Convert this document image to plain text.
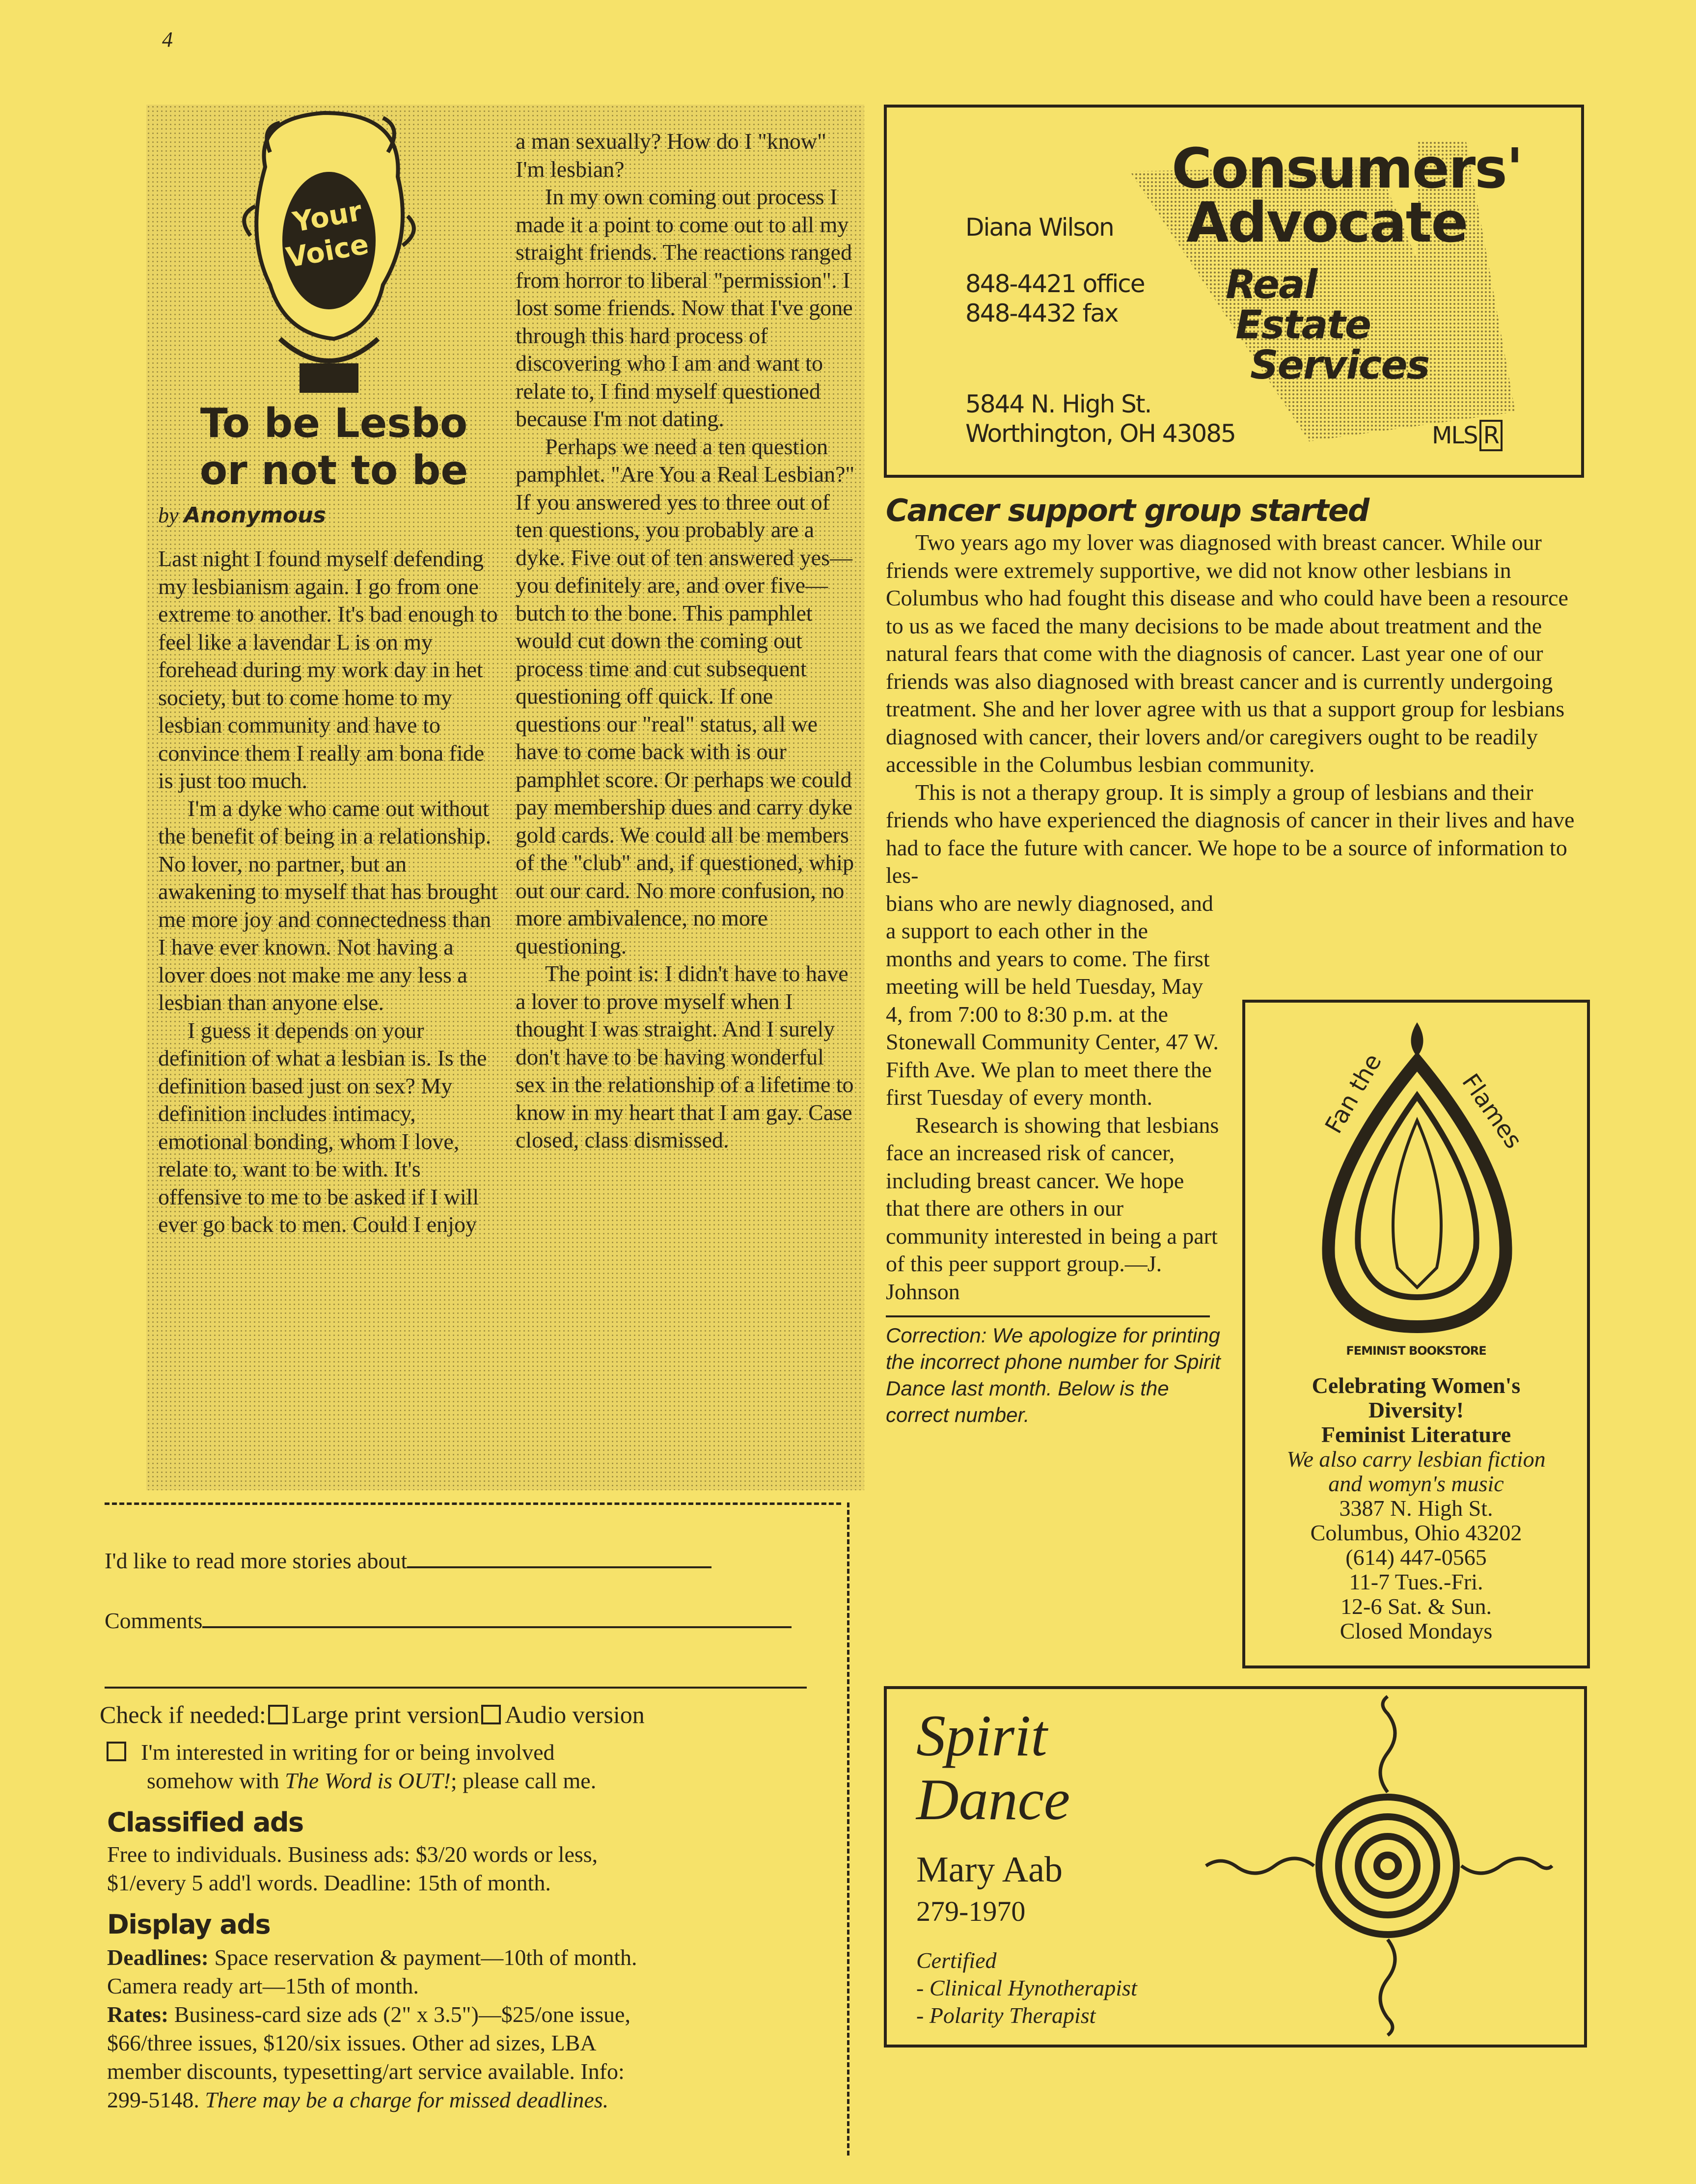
4
Your
Voice
To be Lesbo
or not to be
by Anonymous

Last night I found myself defending my lesbianism again. I go from one extreme to another. It's bad enough to feel like a lavendar L is on my forehead during my work day in het society, but to come home to my lesbian community and have to convince them I really am bona fide is just too much.

I'm a dyke who came out without the benefit of being in a relationship. No lover, no partner, but an awakening to myself that has brought me more joy and connectedness than I have ever known. Not having a lover does not make me any less a lesbian than anyone else.

I guess it depends on your definition of what a lesbian is. Is the definition based just on sex? My definition includes intimacy, emotional bonding, whom I love, relate to, want to be with. It's offensive to me to be asked if I will ever go back to men. Could I enjoy

a man sexually? How do I "know" I'm lesbian?

In my own coming out process I made it a point to come out to all my straight friends. The reactions ranged from horror to liberal "permission". I lost some friends. Now that I've gone through this hard process of discovering who I am and want to relate to, I find myself questioned because I'm not dating.

Perhaps we need a ten question pamphlet. "Are You a Real Lesbian?" If you answered yes to three out of ten questions, you probably are a dyke. Five out of ten answered yes—you definitely are, and over five—butch to the bone. This pamphlet would cut down the coming out process time and cut subsequent questioning off quick. If one questions our "real" status, all we have to come back with is our pamphlet score. Or perhaps we could pay membership dues and carry dyke gold cards. We could all be members of the "club" and, if questioned, whip out our card. No more confusion, no more ambivalence, no more questioning.

The point is: I didn't have to have a lover to prove myself when I thought I was straight. And I surely don't have to be having wonderful sex in the relationship of a lifetime to know in my heart that I am gay. Case closed, class dismissed.

Diana Wilson
848-4421 office
848-4432 fax
5844 N. High St.
Worthington, OH 43085
Consumers'
Advocate
Real
Estate
Services
MLS R
Cancer support group started

Two years ago my lover was diagnosed with breast cancer. While our friends were extremely supportive, we did not know other lesbians in Columbus who had fought this disease and who could have been a resource to us as we faced the many decisions to be made about treatment and the natural fears that come with the diagnosis of cancer. Last year one of our friends was also diagnosed with breast cancer and is currently undergoing treatment. She and her lover agree with us that a support group for lesbians diagnosed with cancer, their lovers and/or caregivers ought to be readily accessible in the Columbus lesbian community.

This is not a therapy group. It is simply a group of lesbians and their friends who have experienced the diagnosis of cancer in their lives and have had to face the future with cancer. We hope to be a source of information to les-

bians who are newly diagnosed, and a support to each other in the months and years to come. The first meeting will be held Tuesday, May 4, from 7:00 to 8:30 p.m. at the Stonewall Community Center, 47 W. Fifth Ave. We plan to meet there the first Tuesday of every month.

Research is showing that lesbians face an increased risk of cancer, including breast cancer. We hope that there are others in our community interested in being a part of this peer support group.—J. Johnson

Correction: We apologize for printing the incorrect phone number for Spirit Dance last month. Below is the correct number.
Fan the	Flames
FEMINIST BOOKSTORE
Celebrating Women's
Diversity!
Feminist Literature
We also carry lesbian fiction
and womyn's music
3387 N. High St.
Columbus, Ohio 43202
(614) 447-0565
11-7 Tues.-Fri.
12-6 Sat. & Sun.
Closed Mondays
Spirit
Dance
Mary Aab
279-1970
Certified
- Clinical Hynotherapist
- Polarity Therapist
I'd like to read more stories about
Comments
Check if needed: Large print version Audio version
I'm interested in writing for or being involved
somehow with The Word is OUT!; please call me.
Classified ads
Free to individuals. Business ads: $3/20 words or less,
$1/every 5 add'l words. Deadline: 15th of month.
Display ads
Deadlines: Space reservation & payment—10th of month.
Camera ready art—15th of month.
Rates: Business-card size ads (2" x 3.5")—$25/one issue,
$66/three issues, $120/six issues. Other ad sizes, LBA
member discounts, typesetting/art service available. Info:
299-5148. There may be a charge for missed deadlines.
